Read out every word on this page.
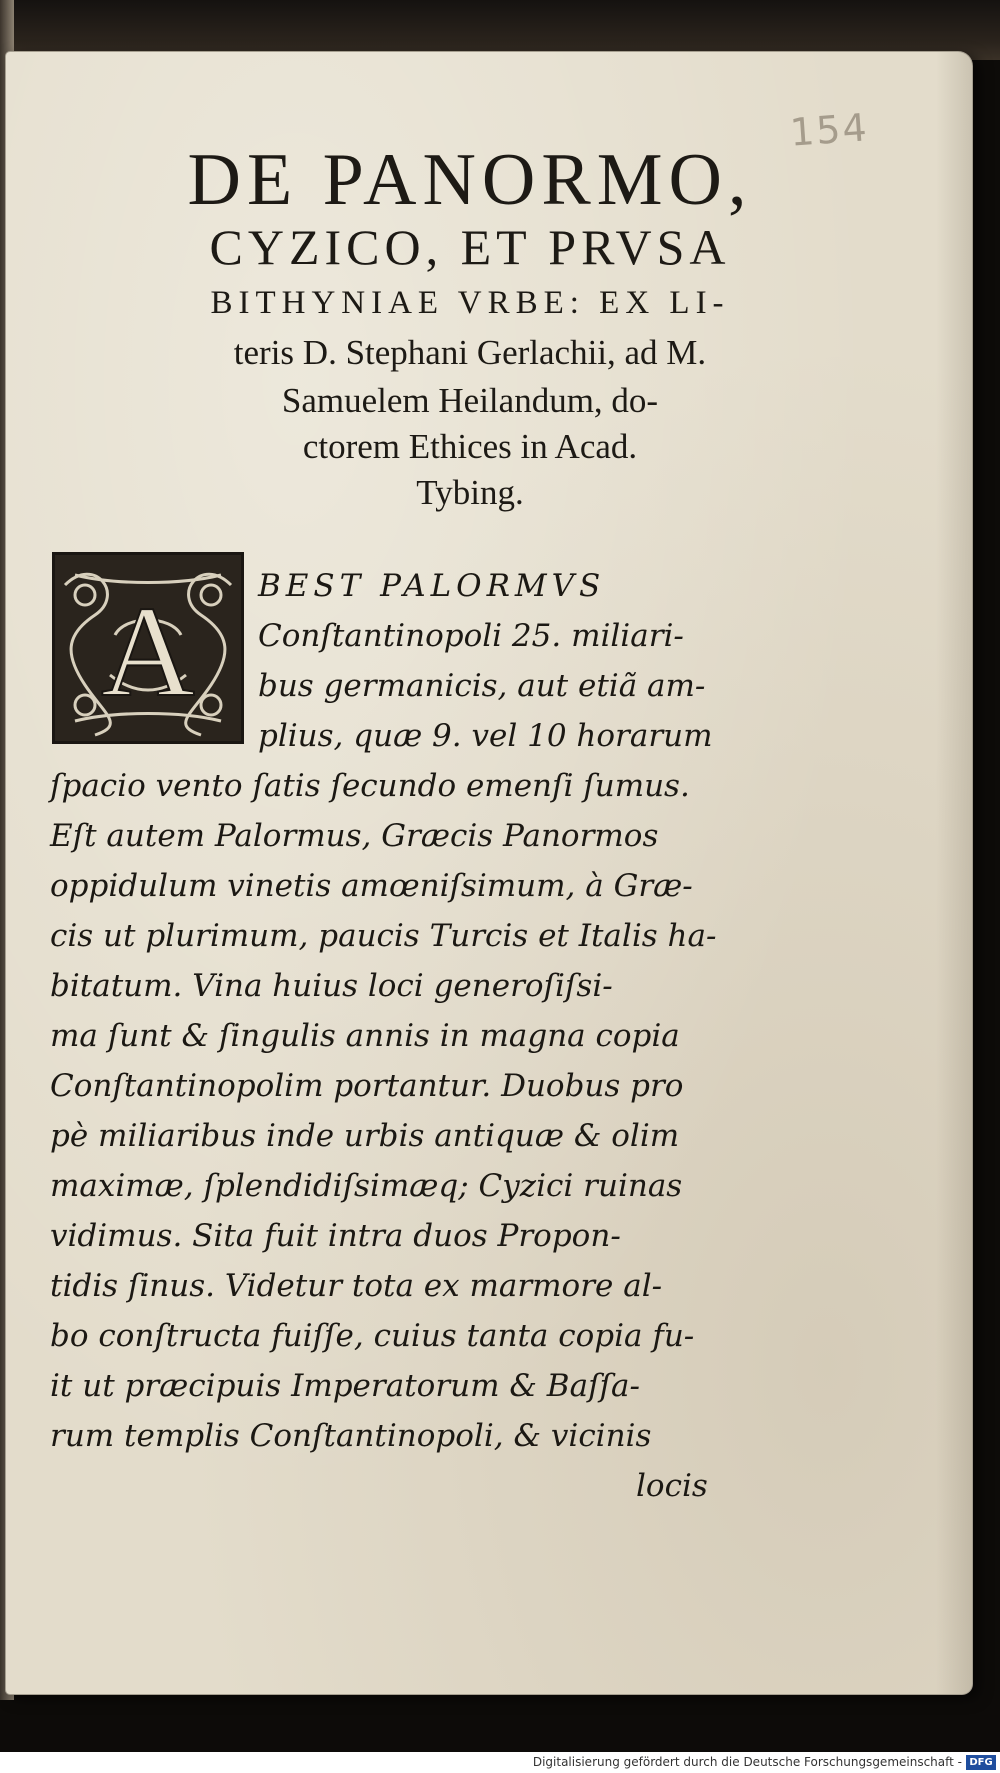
154
DE PANORMO,
CYZICO, ET PRVSA
BITHYNIAE VRBE: EX LI-
teris D. Stephani Gerlachii, ad M.
Samuelem Heilandum, do-
ctorem Ethices in Acad.
Tybing.
A BEST PALORMVS
Conſtantinopoli 25. miliari-
bus germanicis, aut etiã am-
plius, quæ 9. vel 10 horarum
ſpacio vento ſatis ſecundo emenſi ſumus.
Eſt autem Palormus, Græcis Panormos
oppidulum vinetis amœniſsimum, à Græ-
cis ut plurimum, paucis Turcis et Italis ha-
bitatum. Vina huius loci generoſiſsi-
ma ſunt & ſingulis annis in magna copia
Conſtantinopolim portantur. Duobus pro
pè miliaribus inde urbis antiquæ & olim
maximæ, ſplendidiſsimæq; Cyzici ruinas
vidimus. Sita fuit intra duos Propon-
tidis ſinus. Videtur tota ex marmore al-
bo conſtructa fuiſſe, cuius tanta copia fu-
it ut præcipuis Imperatorum & Baſſa-
rum templis Conſtantinopoli, & vicinis
locis
Digitalisierung gefördert durch die Deutsche Forschungsgemeinschaft - DFG
